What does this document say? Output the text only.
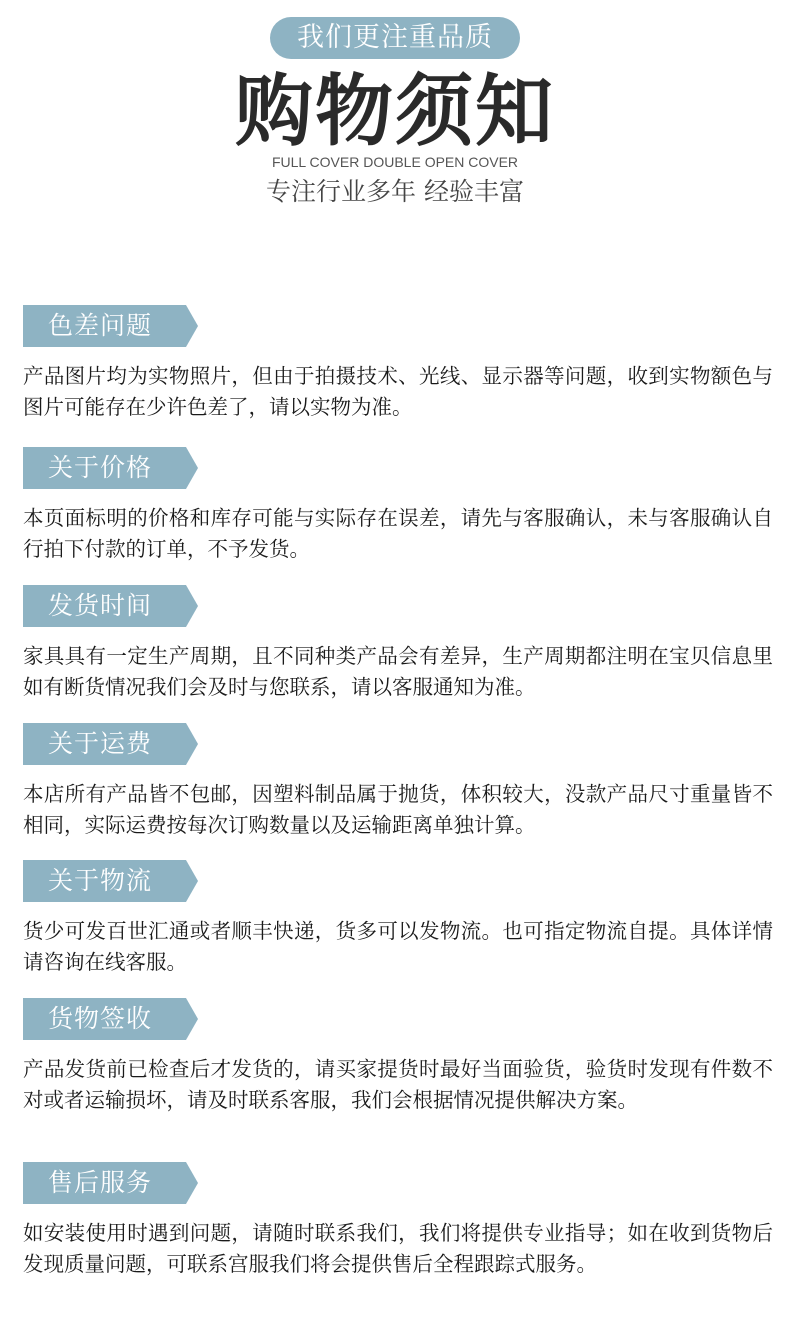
我们更注重品质
购物须知
FULL COVER DOUBLE OPEN COVER
专注行业多年 经验丰富
色差问题
产品图片均为实物照片，但由于拍摄技术、光线、显示器等问题，收到实物额色与图片可能存在少许色差了，请以实物为准。
关于价格
本页面标明的价格和库存可能与实际存在误差，请先与客服确认，未与客服确认自行拍下付款的订单，不予发货。
发货时间
家具具有一定生产周期，且不同种类产品会有差异，生产周期都注明在宝贝信息里如有断货情况我们会及时与您联系，请以客服通知为准。
关于运费
本店所有产品皆不包邮，因塑料制品属于抛货，体积较大，没款产品尺寸重量皆不相同，实际运费按每次订购数量以及运输距离单独计算。
关于物流
货少可发百世汇通或者顺丰快递，货多可以发物流。也可指定物流自提。具体详情请咨询在线客服。
货物签收
产品发货前已检查后才发货的，请买家提货时最好当面验货，验货时发现有件数不对或者运输损坏，请及时联系客服，我们会根据情况提供解决方案。
售后服务
如安装使用时遇到问题，请随时联系我们，我们将提供专业指导；如在收到货物后发现质量问题，可联系宫服我们将会提供售后全程跟踪式服务。
